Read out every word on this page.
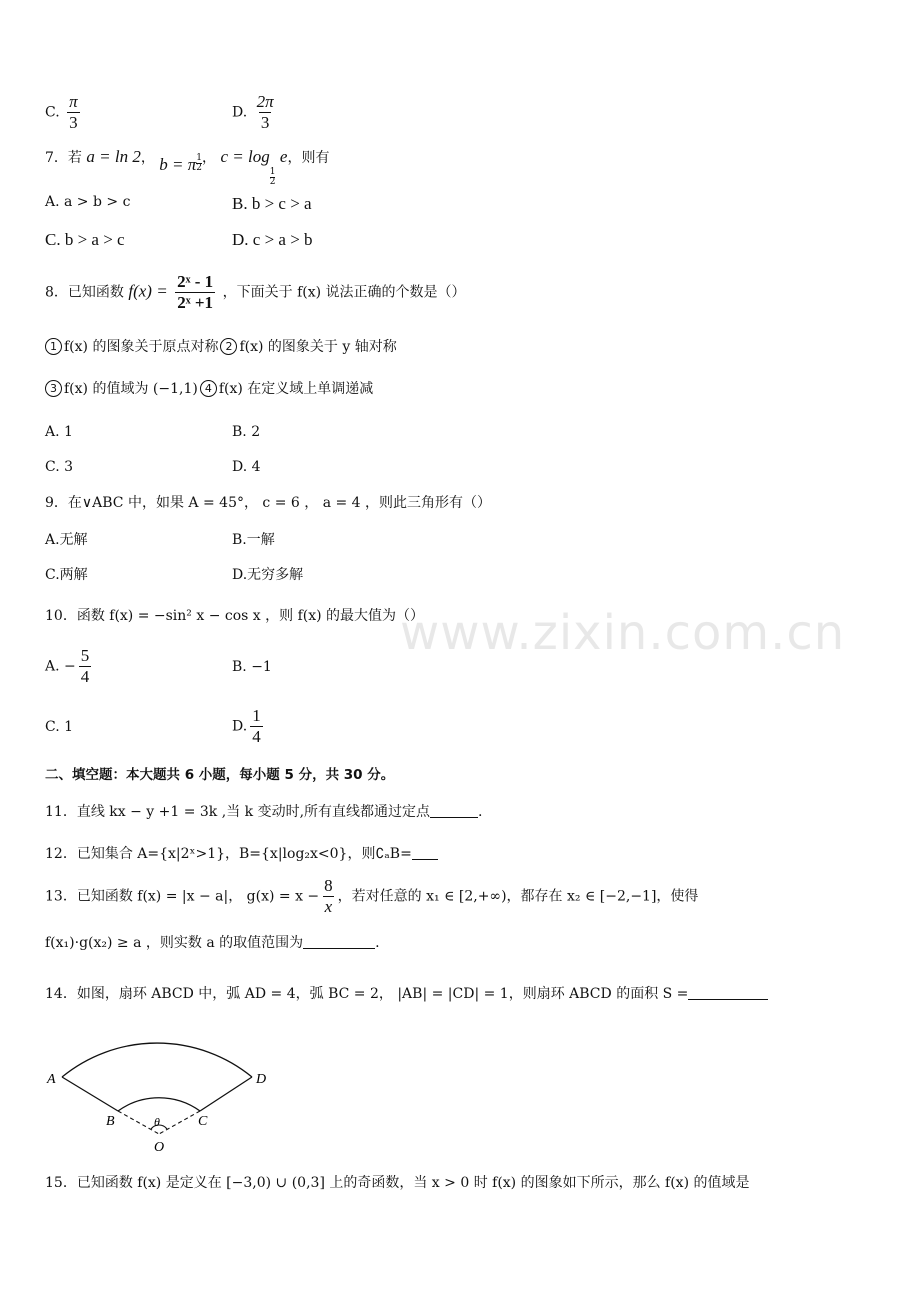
C. $\frac{\pi}{3}$	D. $\frac{2\pi}{3}$
7．若 a = ln 2， b = π $\frac{1}{2}$ ， c = log
$\frac{1}{2}$
e，则有
A. a > b > c	B. b > c > a
C. b > a > c	D. c > a > b
8．已知函数 $f(x) = \frac{\text{2ˣ - 1}}{\text{2ˣ +1}}$ ，下面关于 f(x) 说法正确的个数是（）
1 f(x) 的图象关于原点对称 2 f(x) 的图象关于 y 轴对称
3 f(x) 的值域为 (−1,1) 4 f(x) 在定义域上单调递减
A. 1	B. 2
C. 3	D. 4
9．在∨ABC 中，如果 A = 45°， c = 6 ， a = 4 ，则此三角形有（）
A.无解	B.一解
C.两解	D.无穷多解
www.zixin.com.cn
10．函数 f(x) = −sin² x − cos x ，则 f(x) 的最大值为（）
A. − $\frac{5}{4}$	B. −1
C. 1	D. $\frac{1}{4}$
二、填空题：本大题共 6 小题，每小题 5 分，共 30 分。
11．直线 kx − y +1 = 3k ,当 k 变动时,所有直线都通过定点	.
12．已知集合 A={x|2ˣ>1}，B={x|log₂x<0}，则∁ₐB=
13．已知函数 f(x) = |x − a|， $g(x) = x - \frac{8}{x}$ ，若对任意的 x₁ ∈ [2,+∞)，都存在 x₂ ∈ [−2,−1]，使得
f(x₁)·g(x₂) ≥ a ，则实数 a 的取值范围为	.
14．如图，扇环 ABCD 中，弧 AD = 4，弧 BC = 2， |AB| = |CD| = 1，则扇环 ABCD 的面积 S =
A
B	C
D
θ
O
15．已知函数 f(x) 是定义在 [−3,0) ∪ (0,3] 上的奇函数，当 x > 0 时 f(x) 的图象如下所示，那么 f(x) 的值域是
